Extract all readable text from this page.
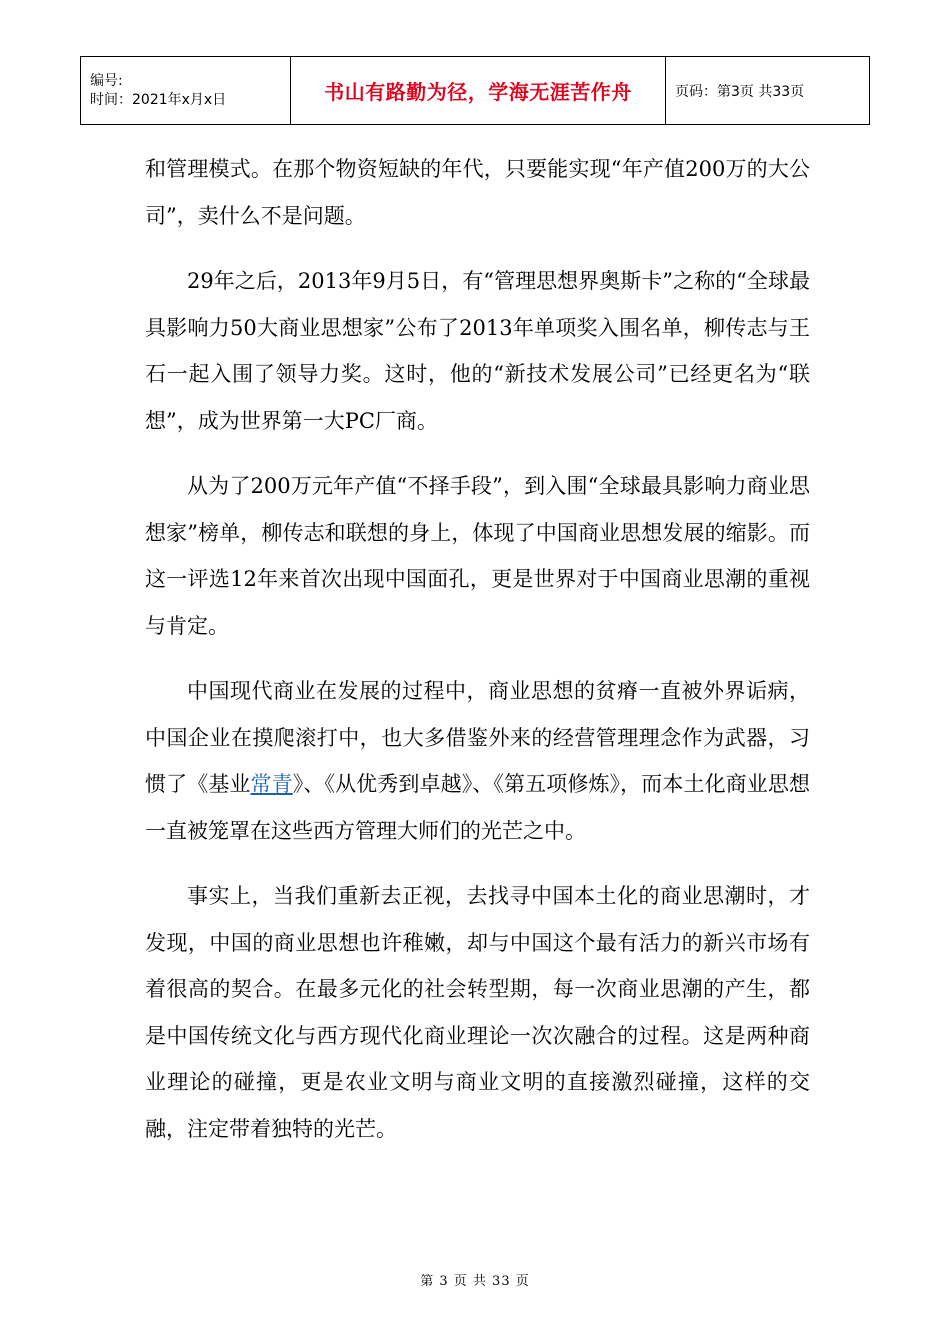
编号:
时间：2021年x月x日	书山有路勤为径，学海无涯苦作舟	页码：第3页 共33页

和管理模式。在那个物资短缺的年代，只要能实现“年产值200万的大公司”，卖什么不是问题。

29年之后，2013年9月5日，有“管理思想界奥斯卡”之称的“全球最具影响力50大商业思想家”公布了2013年单项奖入围名单，柳传志与王石一起入围了领导力奖。这时，他的“新技术发展公司”已经更名为“联想”，成为世界第一大PC厂商。

从为了200万元年产值“不择手段”，到入围“全球最具影响力商业思想家”榜单，柳传志和联想的身上，体现了中国商业思想发展的缩影。而这一评选12年来首次出现中国面孔，更是世界对于中国商业思潮的重视与肯定。

中国现代商业在发展的过程中，商业思想的贫瘠一直被外界诟病，中国企业在摸爬滚打中，也大多借鉴外来的经营管理理念作为武器，习惯了《基业常青》、《从优秀到卓越》、《第五项修炼》，而本土化商业思想一直被笼罩在这些西方管理大师们的光芒之中。

事实上，当我们重新去正视，去找寻中国本土化的商业思潮时，才发现，中国的商业思想也许稚嫩，却与中国这个最有活力的新兴市场有着很高的契合。在最多元化的社会转型期，每一次商业思潮的产生，都是中国传统文化与西方现代化商业理论一次次融合的过程。这是两种商业理论的碰撞，更是农业文明与商业文明的直接激烈碰撞，这样的交融，注定带着独特的光芒。

第 3 页 共 33 页
